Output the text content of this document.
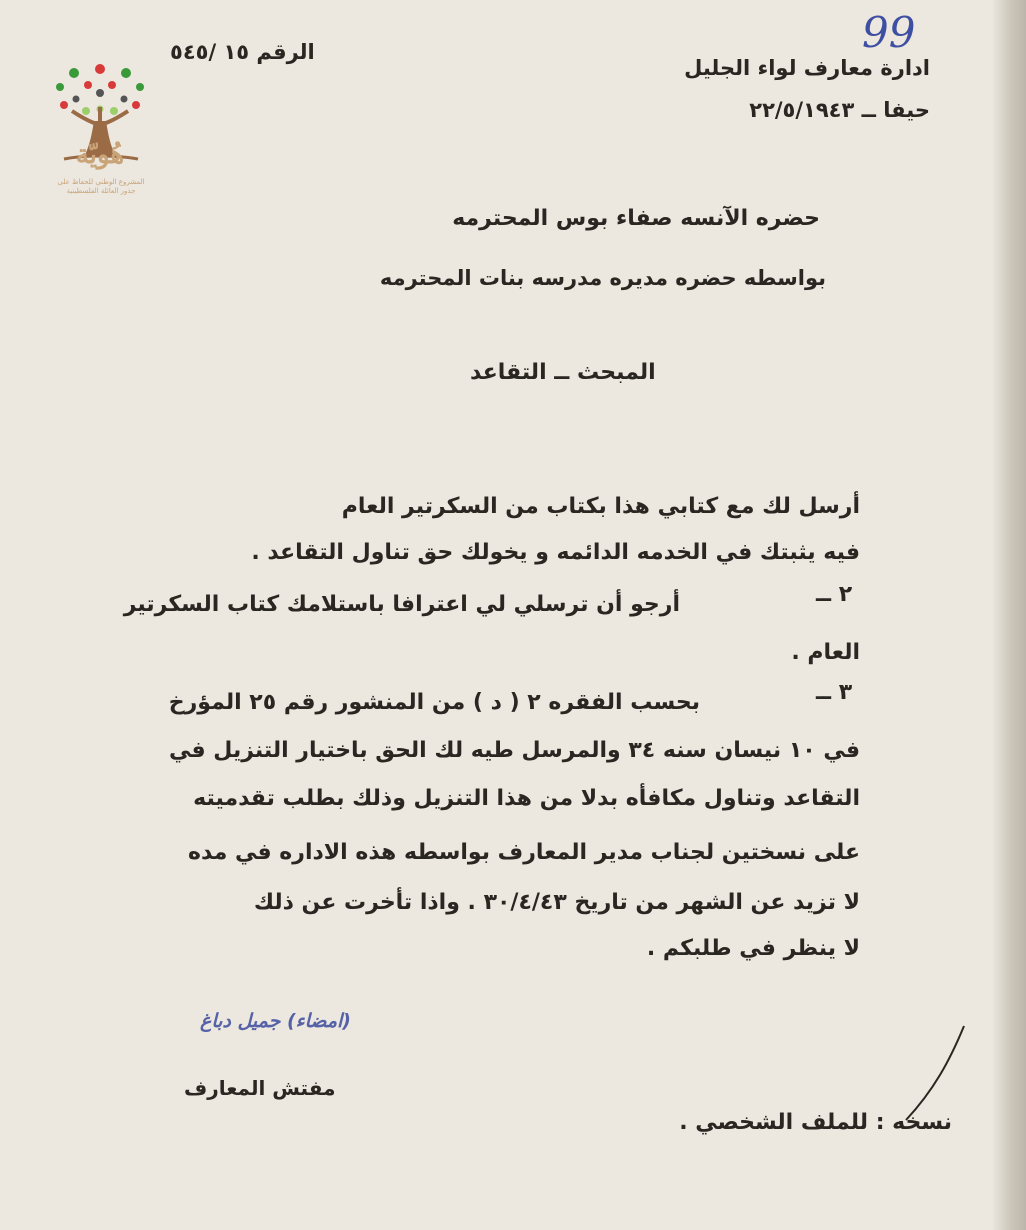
هُويّة
المشروع الوطني للحفاظ على
جذور العائلة الفلسطينية
99
الرقم ١٥ /٥٤٥
ادارة معارف لواء الجليل
حيفا ــ ٢٢/٥/١٩٤٣
حضره الآنسه صفاء بوس المحترمه
بواسطه حضره مديره مدرسه بنات المحترمه
المبحث ــ التقاعد
أرسل لك مع كتابي هذا بكتاب من السكرتير العام
فيه يثبتك في الخدمه الدائمه و يخولك حق تناول التقاعد .
٢ ــ
أرجو أن ترسلي لي اعترافا باستلامك كتاب السكرتير
العام .
٣ ــ
بحسب الفقره ٢ ( د ) من المنشور رقم ٢٥ المؤرخ
في ١٠ نيسان سنه ٣٤ والمرسل طيه لك الحق باختيار التنزيل في
التقاعد وتناول مكافأه بدلا من هذا التنزيل وذلك بطلب تقدميته
على نسختين لجناب مدير المعارف بواسطه هذه الاداره في مده
لا تزيد عن الشهر من تاريخ ٣٠/٤/٤٣ . واذا تأخرت عن ذلك
لا ينظر في طلبكم .
(امضاء) جميل دباغ
مفتش المعارف
نسخه : للملف الشخصي .
